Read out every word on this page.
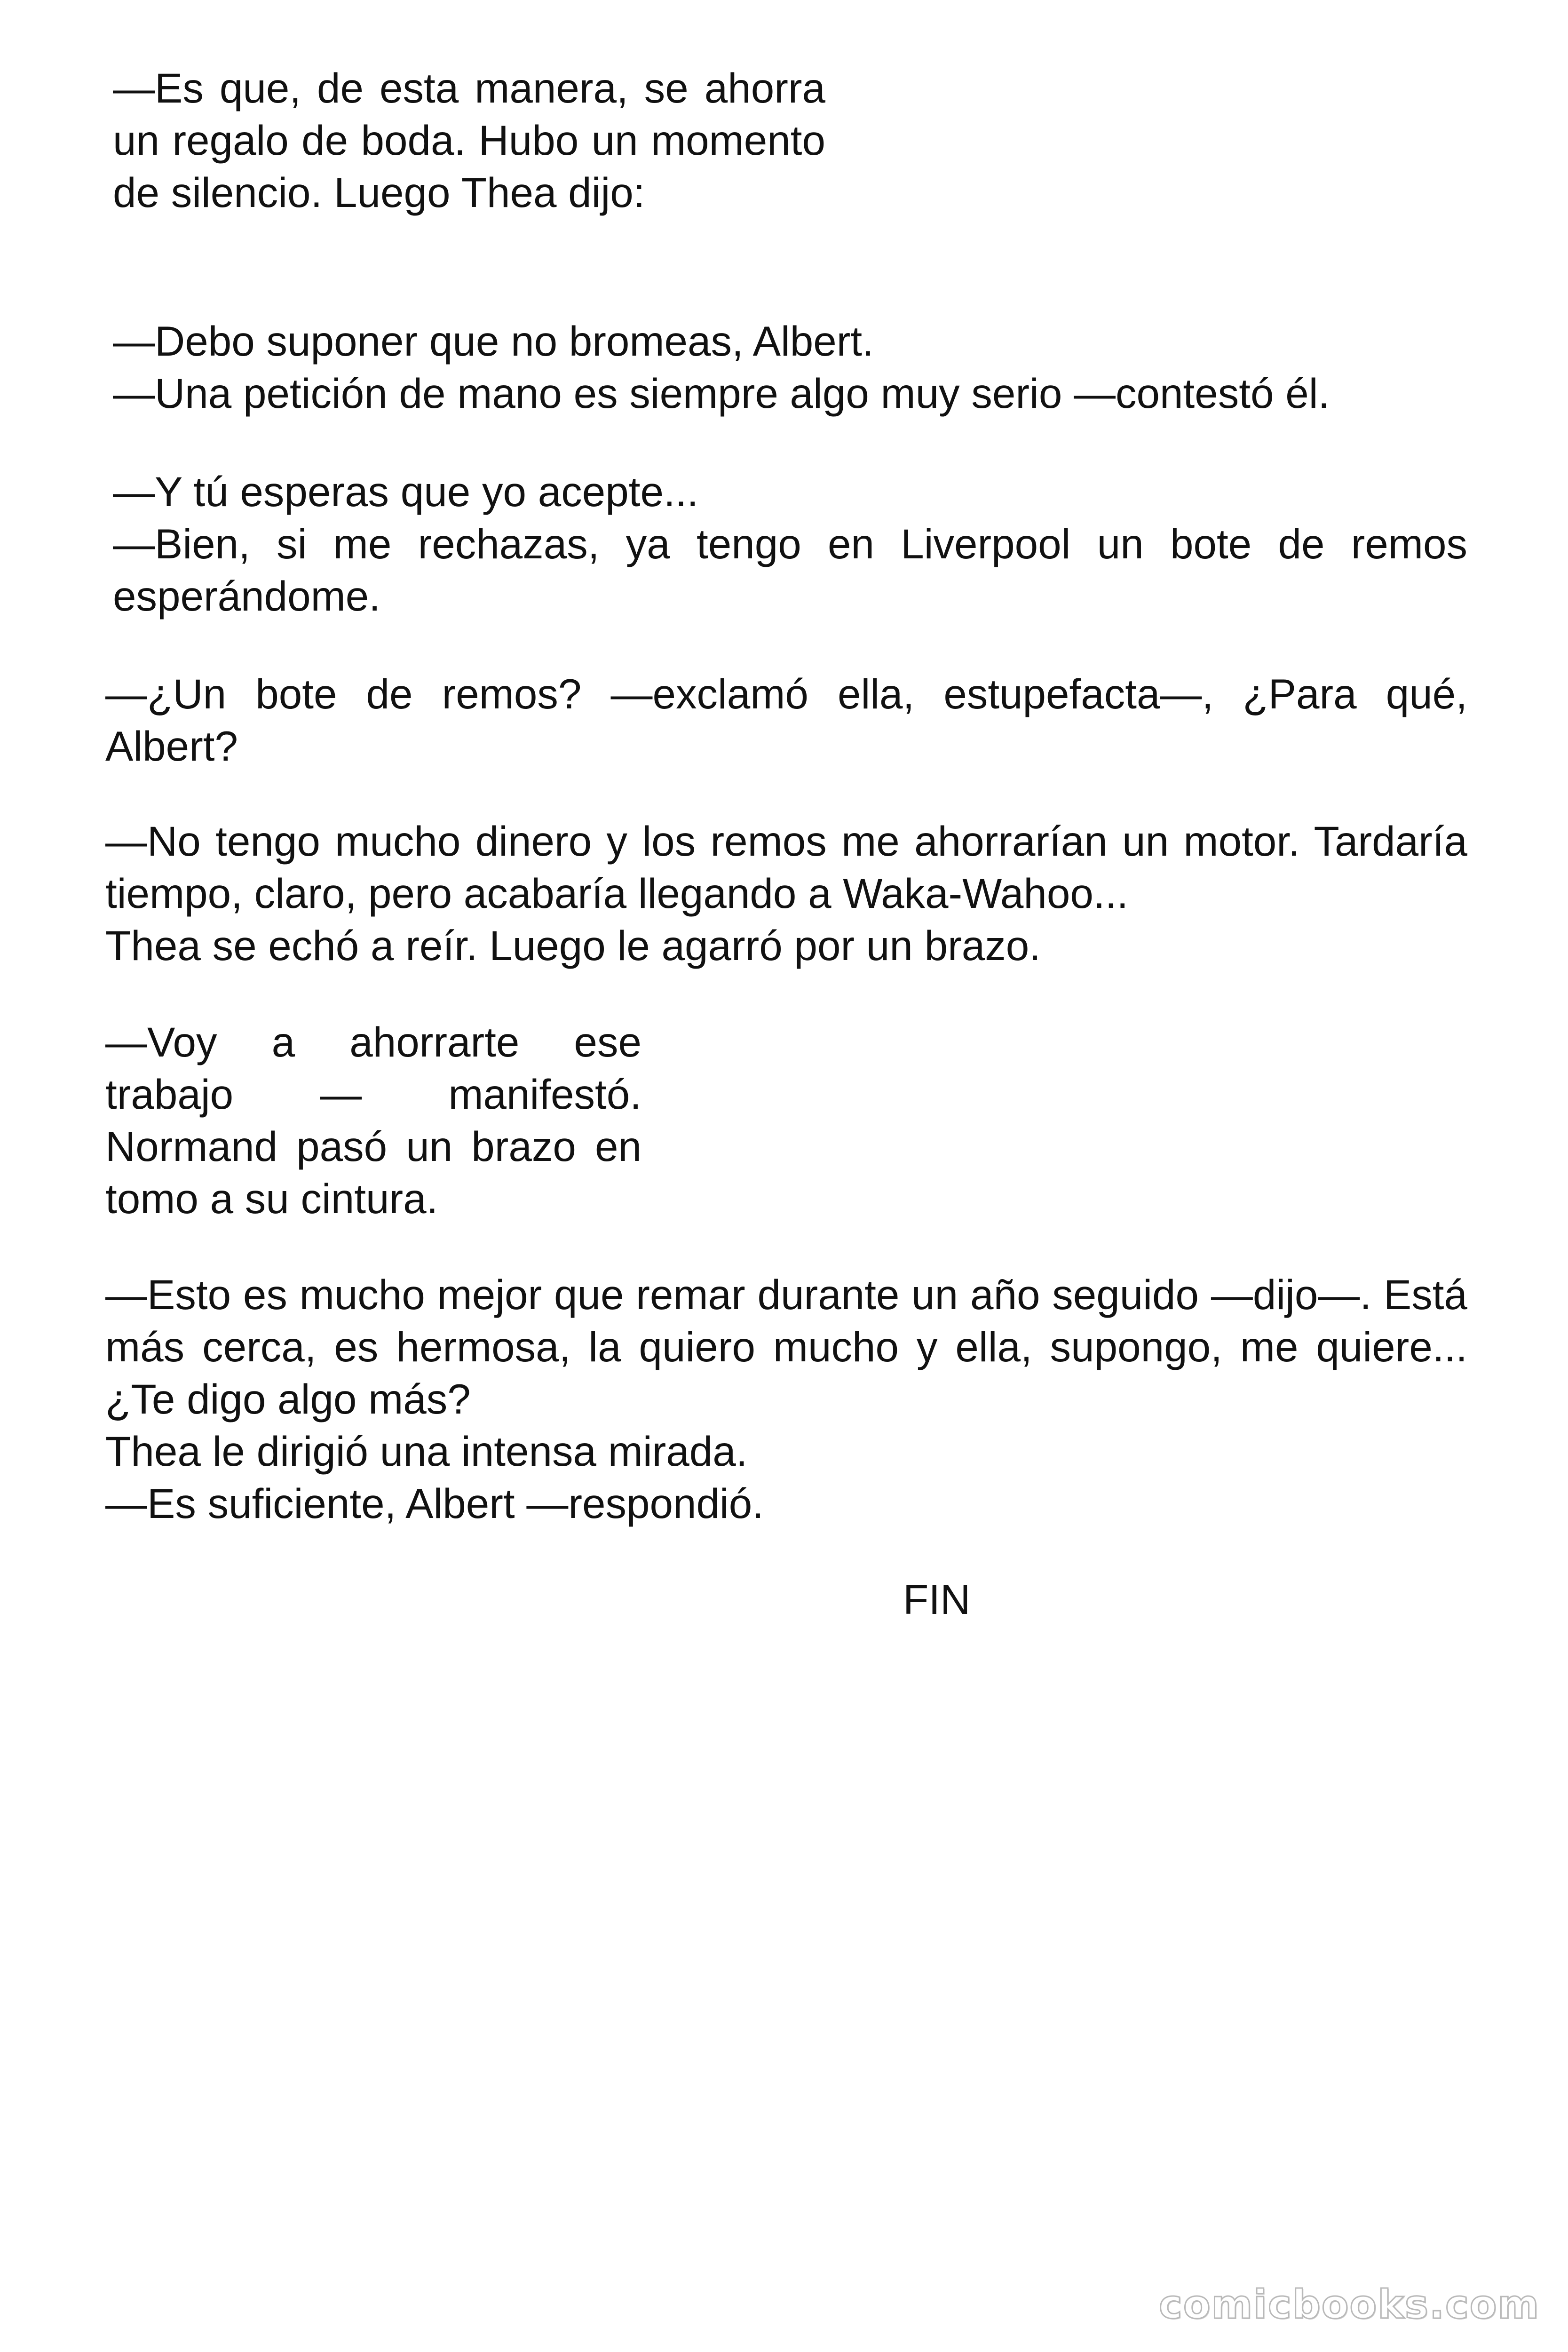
—Es que, de esta manera, se ahorra un regalo de boda. Hubo un momento de silencio. Luego Thea dijo:

—Debo suponer que no bromeas, Albert.

—Una petición de mano es siempre algo muy serio —contestó él.

—Y tú esperas que yo acepte...

—Bien, si me rechazas, ya tengo en Liverpool un bote de remos esperándome.

—¿Un bote de remos? —exclamó ella, estupefacta—, ¿Para qué, Albert?

—No tengo mucho dinero y los remos me ahorrarían un motor. Tardaría tiempo, claro, pero acabaría llegando a Waka-Wahoo...

Thea se echó a reír. Luego le agarró por un brazo.

—Voy a ahorrarte ese trabajo — manifestó. Normand pasó un brazo en tomo a su cintura.

—Esto es mucho mejor que remar durante un año seguido —dijo—. Está más cerca, es hermosa, la quiero mucho y ella, supongo, me quiere... ¿Te digo algo más?

Thea le dirigió una intensa mirada.

—Es suficiente, Albert —respondió.

FIN

comicbooks.com
